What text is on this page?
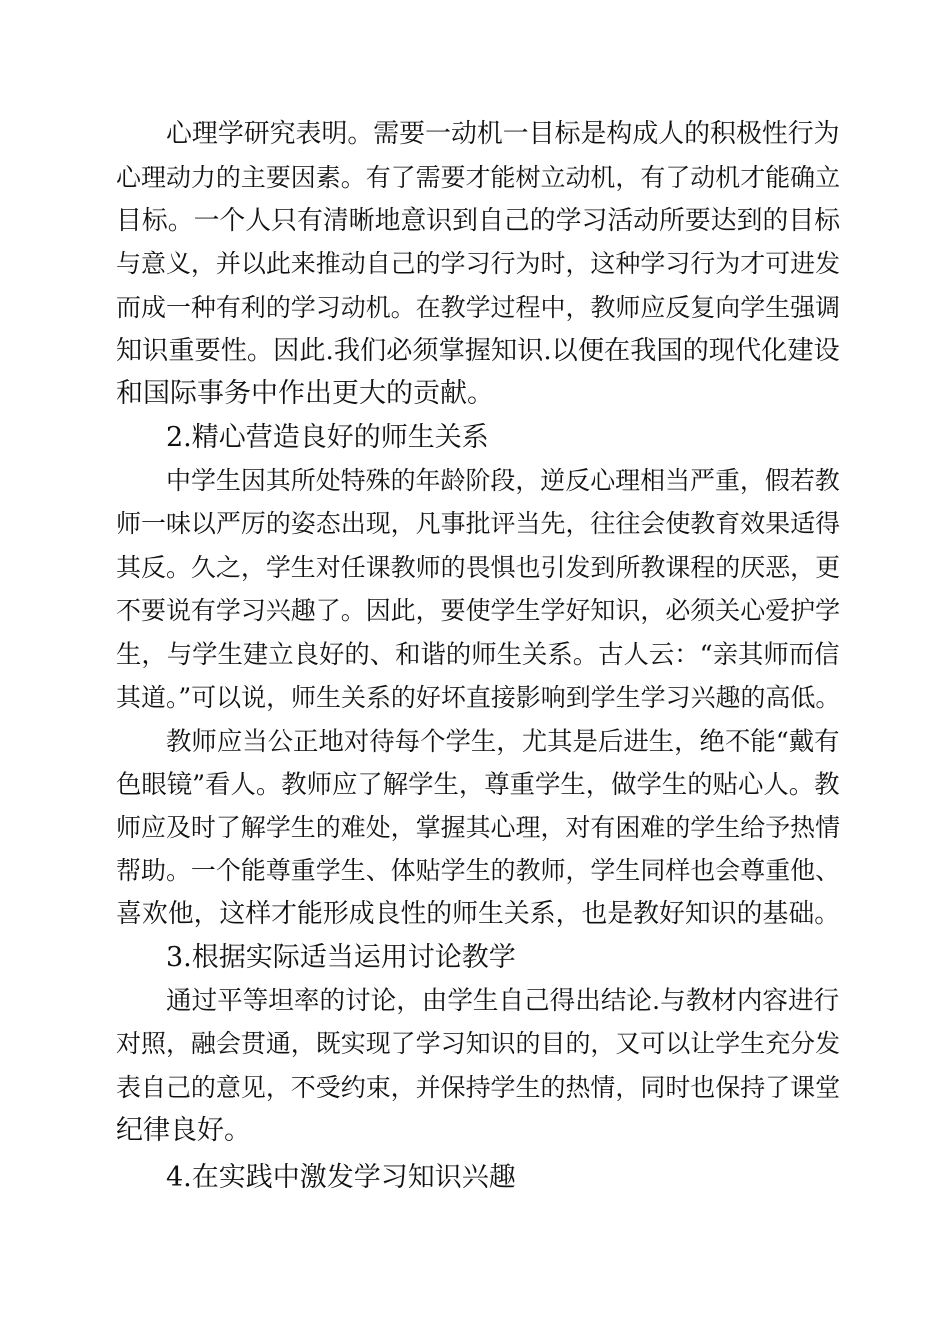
心理学研究表明。需要一动机一目标是构成人的积极性行为
心理动力的主要因素。有了需要才能树立动机，有了动机才能确立
目标。一个人只有清晰地意识到自己的学习活动所要达到的目标
与意义，并以此来推动自己的学习行为时，这种学习行为才可进发
而成一种有利的学习动机。在教学过程中，教师应反复向学生强调
知识重要性。因此.我们必须掌握知识.以便在我国的现代化建设
和国际事务中作出更大的贡献。
2.精心营造良好的师生关系
中学生因其所处特殊的年龄阶段，逆反心理相当严重，假若教
师一味以严厉的姿态出现，凡事批评当先，往往会使教育效果适得
其反。久之，学生对任课教师的畏惧也引发到所教课程的厌恶，更
不要说有学习兴趣了。因此，要使学生学好知识，必须关心爱护学
生，与学生建立良好的、和谐的师生关系。古人云：“亲其师而信
其道。”可以说，师生关系的好坏直接影响到学生学习兴趣的高低。
教师应当公正地对待每个学生，尤其是后进生，绝不能“戴有
色眼镜”看人。教师应了解学生，尊重学生，做学生的贴心人。教
师应及时了解学生的难处，掌握其心理，对有困难的学生给予热情
帮助。一个能尊重学生、体贴学生的教师，学生同样也会尊重他、
喜欢他，这样才能形成良性的师生关系，也是教好知识的基础。
3.根据实际适当运用讨论教学
通过平等坦率的讨论，由学生自己得出结论.与教材内容进行
对照，融会贯通，既实现了学习知识的目的，又可以让学生充分发
表自己的意见，不受约束，并保持学生的热情，同时也保持了课堂
纪律良好。
4.在实践中激发学习知识兴趣
